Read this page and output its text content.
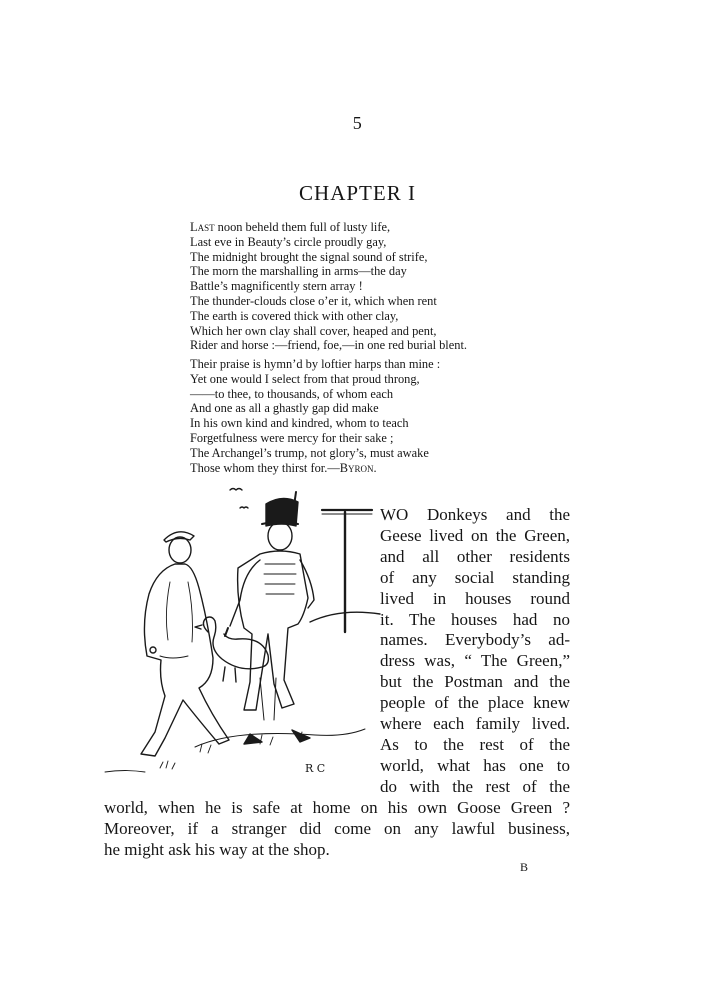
5
CHAPTER I
Last noon beheld them full of lusty life,
Last eve in Beauty’s circle proudly gay,
The midnight brought the signal sound of strife,
The morn the marshalling in arms—the day
Battle’s magnificently stern array !
The thunder-clouds close o’er it, which when rent
The earth is covered thick with other clay,
Which her own clay shall cover, heaped and pent,
Rider and horse :—friend, foe,—in one red burial blent.
Their praise is hymn’d by loftier harps than mine :
Yet one would I select from that proud throng,
——to thee, to thousands, of whom each
And one as all a ghastly gap did make
In his own kind and kindred, whom to teach
Forgetfulness were mercy for their sake ;
The Archangel’s trump, not glory’s, must awake
Those whom they thirst for.—Byron.
R C
WO Donkeys and the
Geese lived on the Green,
and all other residents
of any social standing
lived in houses round
it. The houses had no
names. Everybody’s ad-
dress was, “ The Green,”
but the Postman and the
people of the place knew
where each family lived.
As to the rest of the
world, what has one to
do with the rest of the
world, when he is safe at home on his own Goose Green ?
Moreover, if a stranger did come on any lawful business,
he might ask his way at the shop.
B
